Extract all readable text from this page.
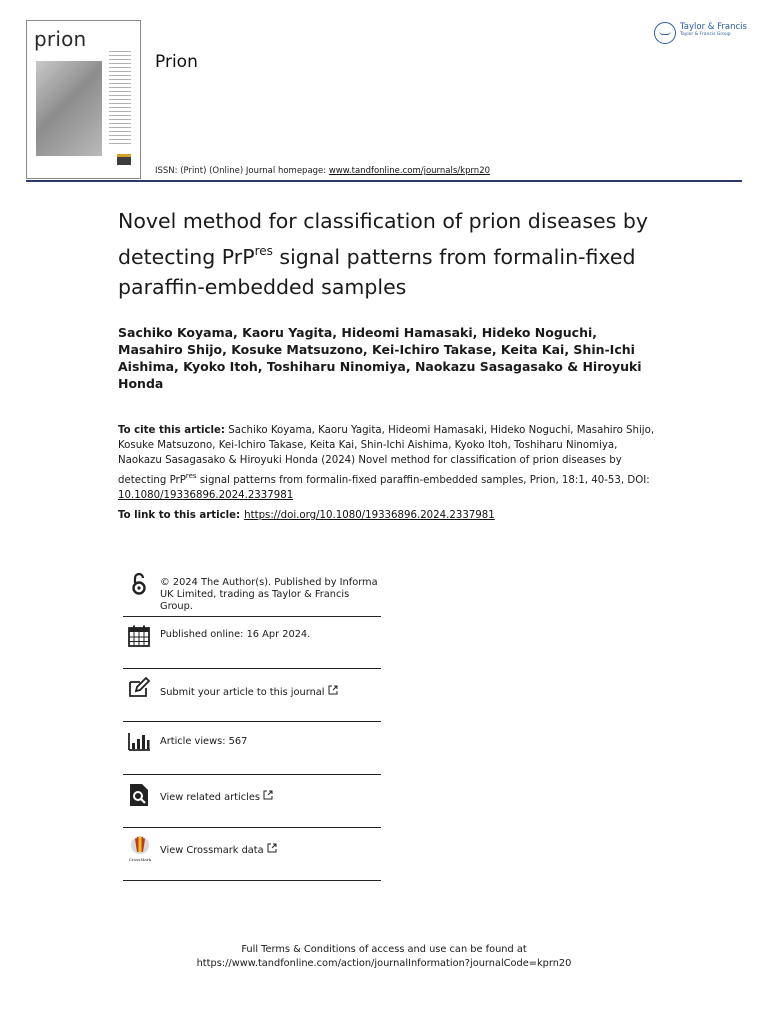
prion
Prion
ISSN: (Print) (Online) Journal homepage: www.tandfonline.com/journals/kprn20
Taylor & Francis
Taylor & Francis Group
Novel method for classification of prion diseases by detecting PrP$^{res}$ signal patterns from formalin-fixed paraffin-embedded samples
Sachiko Koyama, Kaoru Yagita, Hideomi Hamasaki, Hideko Noguchi, Masahiro Shijo, Kosuke Matsuzono, Kei-Ichiro Takase, Keita Kai, Shin-Ichi Aishima, Kyoko Itoh, Toshiharu Ninomiya, Naokazu Sasagasako & Hiroyuki Honda
To cite this article: Sachiko Koyama, Kaoru Yagita, Hideomi Hamasaki, Hideko Noguchi, Masahiro Shijo, Kosuke Matsuzono, Kei-Ichiro Takase, Keita Kai, Shin-Ichi Aishima, Kyoko Itoh, Toshiharu Ninomiya, Naokazu Sasagasako & Hiroyuki Honda (2024) Novel method for classification of prion diseases by detecting PrP$^{res}$ signal patterns from formalin-fixed paraffin-embedded samples, Prion, 18:1, 40-53, DOI: 10.1080/19336896.2024.2337981
To link to this article: https://doi.org/10.1080/19336896.2024.2337981
© 2024 The Author(s). Published by Informa UK Limited, trading as Taylor & Francis Group.
Published online: 16 Apr 2024.
Submit your article to this journal
Article views: 567
View related articles
CrossMark
View Crossmark data
Full Terms & Conditions of access and use can be found at
https://www.tandfonline.com/action/journalInformation?journalCode=kprn20
